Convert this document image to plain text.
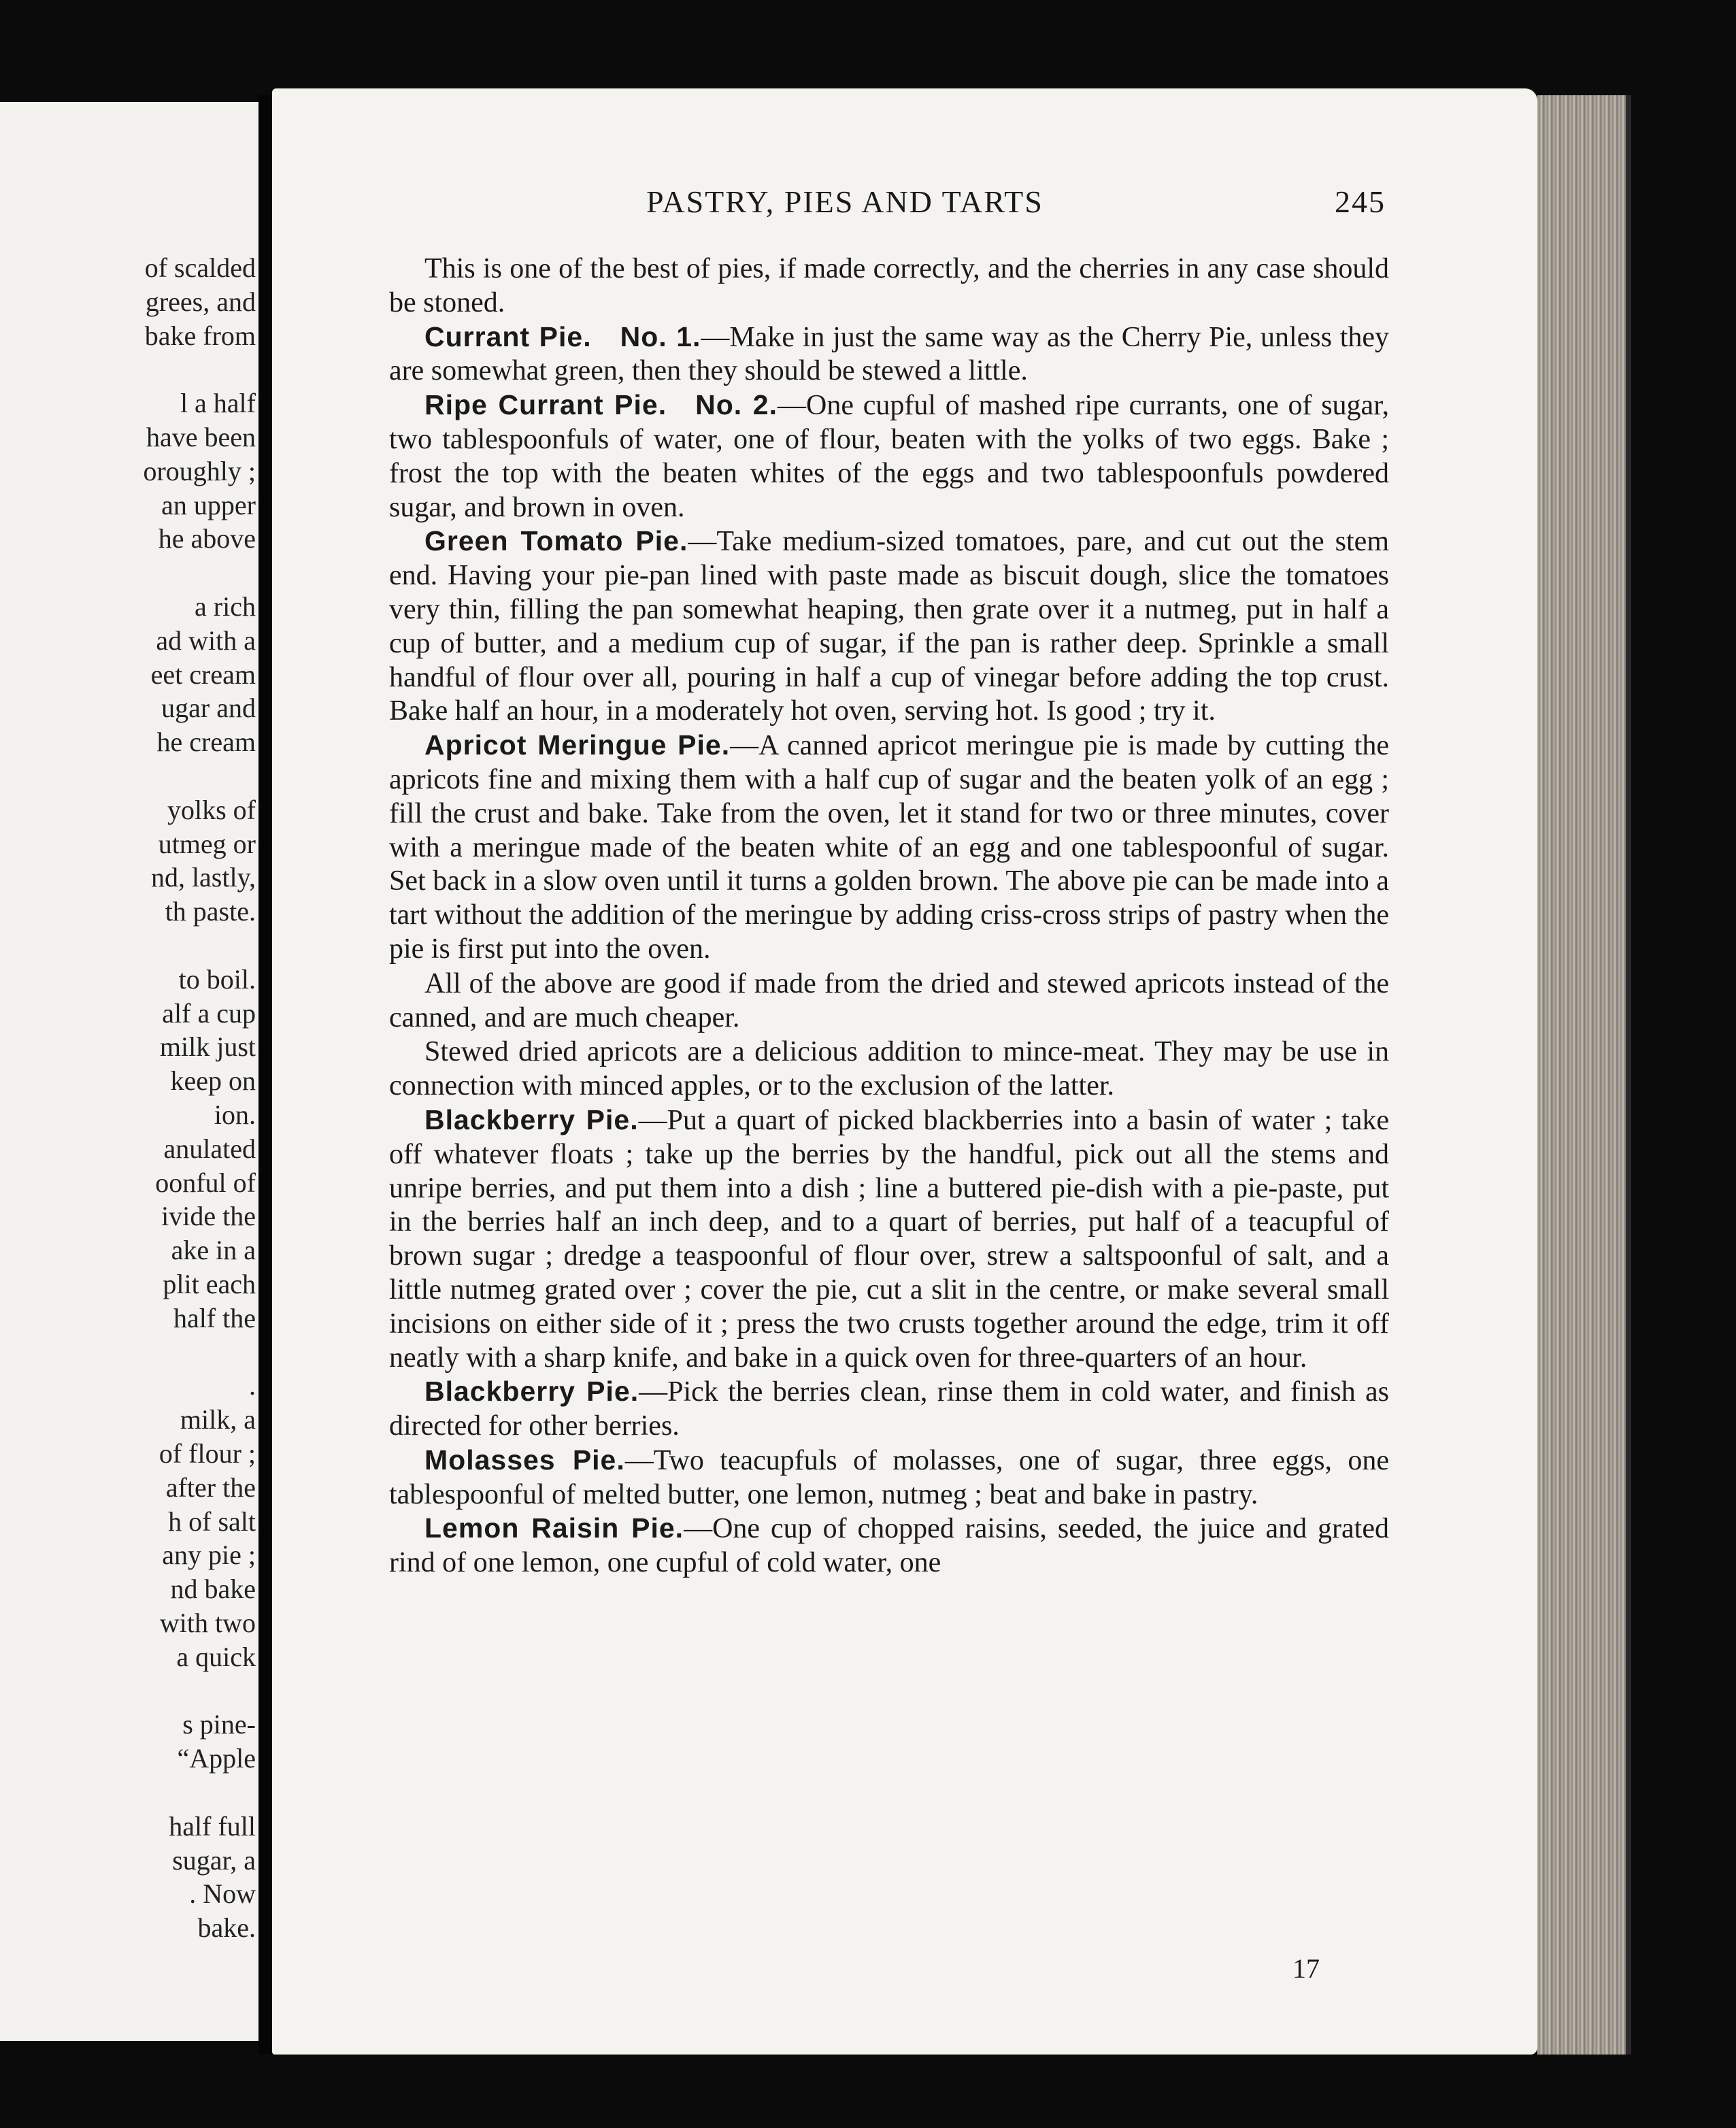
of scalded
grees, and
bake from
l a half
have been
oroughly ;
an upper
he above
a rich
ad with a
eet cream
ugar and
he cream
yolks of
utmeg or
nd, lastly,
th paste.
to boil.
alf a cup
milk just
keep on
ion.
anulated
oonful of
ivide the
ake in a
plit each
half the
.
milk, a
of flour ;
after the
h of salt
any pie ;
nd bake
with two
a quick
s pine-
“Apple
half full
sugar, a
. Now
bake.
PASTRY, PIES AND TARTS	245

This is one of the best of pies, if made correctly, and the cherries in any case should be stoned.

Currant Pie. No. 1.—Make in just the same way as the Cherry Pie, unless they are somewhat green, then they should be stewed a little.

Ripe Currant Pie. No. 2.—One cupful of mashed ripe currants, one of sugar, two tablespoonfuls of water, one of flour, beaten with the yolks of two eggs. Bake ; frost the top with the beaten whites of the eggs and two tablespoonfuls powdered sugar, and brown in oven.

Green Tomato Pie.—Take medium-sized tomatoes, pare, and cut out the stem end. Having your pie-pan lined with paste made as biscuit dough, slice the tomatoes very thin, filling the pan somewhat heaping, then grate over it a nutmeg, put in half a cup of butter, and a medium cup of sugar, if the pan is rather deep. Sprinkle a small handful of flour over all, pouring in half a cup of vinegar before adding the top crust. Bake half an hour, in a moderately hot oven, serving hot. Is good ; try it.

Apricot Meringue Pie.—A canned apricot meringue pie is made by cutting the apricots fine and mixing them with a half cup of sugar and the beaten yolk of an egg ; fill the crust and bake. Take from the oven, let it stand for two or three minutes, cover with a meringue made of the beaten white of an egg and one tablespoonful of sugar. Set back in a slow oven until it turns a golden brown. The above pie can be made into a tart without the addition of the meringue by adding criss-cross strips of pastry when the pie is first put into the oven.

All of the above are good if made from the dried and stewed apricots instead of the canned, and are much cheaper.

Stewed dried apricots are a delicious addition to mince-meat. They may be use in connection with minced apples, or to the exclusion of the latter.

Blackberry Pie.—Put a quart of picked blackberries into a basin of water ; take off whatever floats ; take up the berries by the handful, pick out all the stems and unripe berries, and put them into a dish ; line a buttered pie-dish with a pie-paste, put in the berries half an inch deep, and to a quart of berries, put half of a teacupful of brown sugar ; dredge a teaspoonful of flour over, strew a saltspoonful of salt, and a little nutmeg grated over ; cover the pie, cut a slit in the centre, or make several small incisions on either side of it ; press the two crusts together around the edge, trim it off neatly with a sharp knife, and bake in a quick oven for three-quarters of an hour.

Blackberry Pie.—Pick the berries clean, rinse them in cold water, and finish as directed for other berries.

Molasses Pie.—Two teacupfuls of molasses, one of sugar, three eggs, one tablespoonful of melted butter, one lemon, nutmeg ; beat and bake in pastry.

Lemon Raisin Pie.—One cup of chopped raisins, seeded, the juice and grated rind of one lemon, one cupful of cold water, one

17
